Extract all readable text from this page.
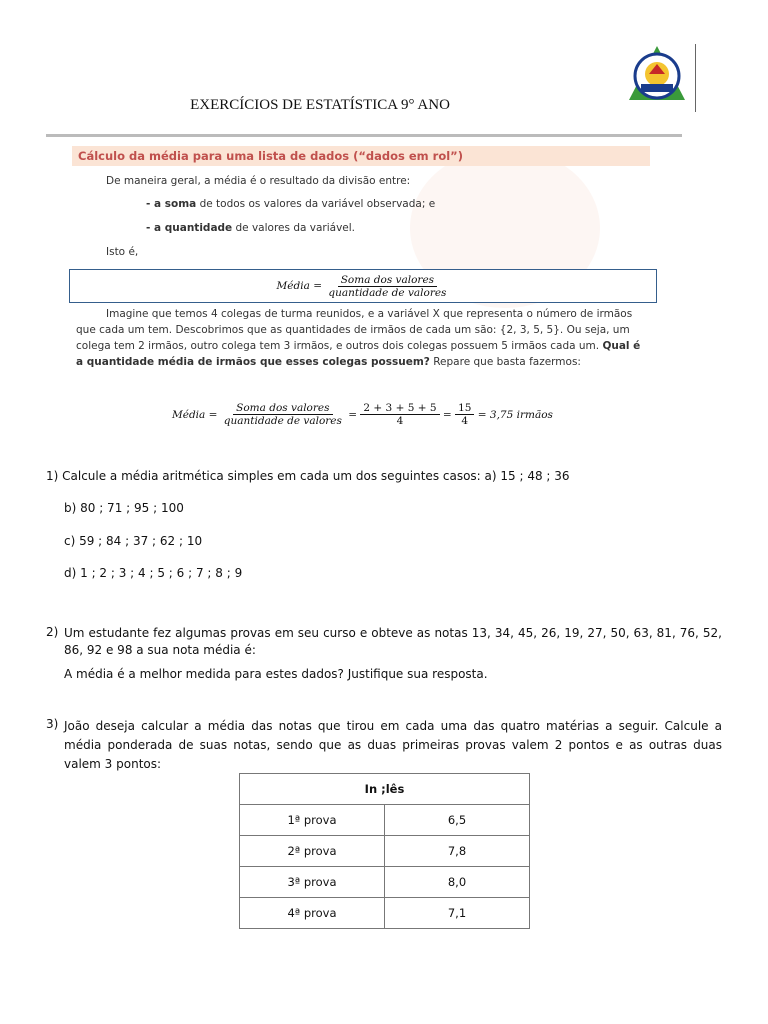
EXERCÍCIOS DE ESTATÍSTICA 9° ANO
Cálculo da média para uma lista de dados (“dados em rol”)
De maneira geral, a média é o resultado da divisão entre:
- a soma de todos os valores da variável observada; e
- a quantidade de valores da variável.
Isto é,
Média =
$\frac{\text{Soma dos valores}}{\text{quantidade de valores}}$
Imagine que temos 4 colegas de turma reunidos, e a variável X que representa o número de irmãos que cada um tem. Descobrimos que as quantidades de irmãos de cada um são: {2, 3, 5, 5}. Ou seja, um colega tem 2 irmãos, outro colega tem 3 irmãos, e outros dois colegas possuem 5 irmãos cada um. Qual é a quantidade média de irmãos que esses colegas possuem? Repare que basta fazermos:
Média =
$\frac{\text{Soma dos valores}}{\text{quantidade de valores}}$
=
$\frac{2 + 3 + 5 + 5}{4}$
=
$\frac{15}{4}$
= 3,75 irmãos
1) Calcule a média aritmética simples em cada um dos seguintes casos: a) 15 ; 48 ; 36
b) 80 ; 71 ; 95 ; 100
c) 59 ; 84 ; 37 ; 62 ; 10
d) 1 ; 2 ; 3 ; 4 ; 5 ; 6 ; 7 ; 8 ; 9
2) Um estudante fez algumas provas em seu curso e obteve as notas 13, 34, 45, 26, 19, 27, 50, 63, 81, 76, 52, 86, 92 e 98 a sua nota média é:
A média é a melhor medida para estes dados? Justifique sua resposta.
3) João deseja calcular a média das notas que tirou em cada uma das quatro matérias a seguir. Calcule a média ponderada de suas notas, sendo que as duas primeiras provas valem 2 pontos e as outras duas valem 3 pontos:
In ;lês	
1ª prova	6,5
2ª prova	7,8
3ª prova	8,0
4ª prova	7,1
